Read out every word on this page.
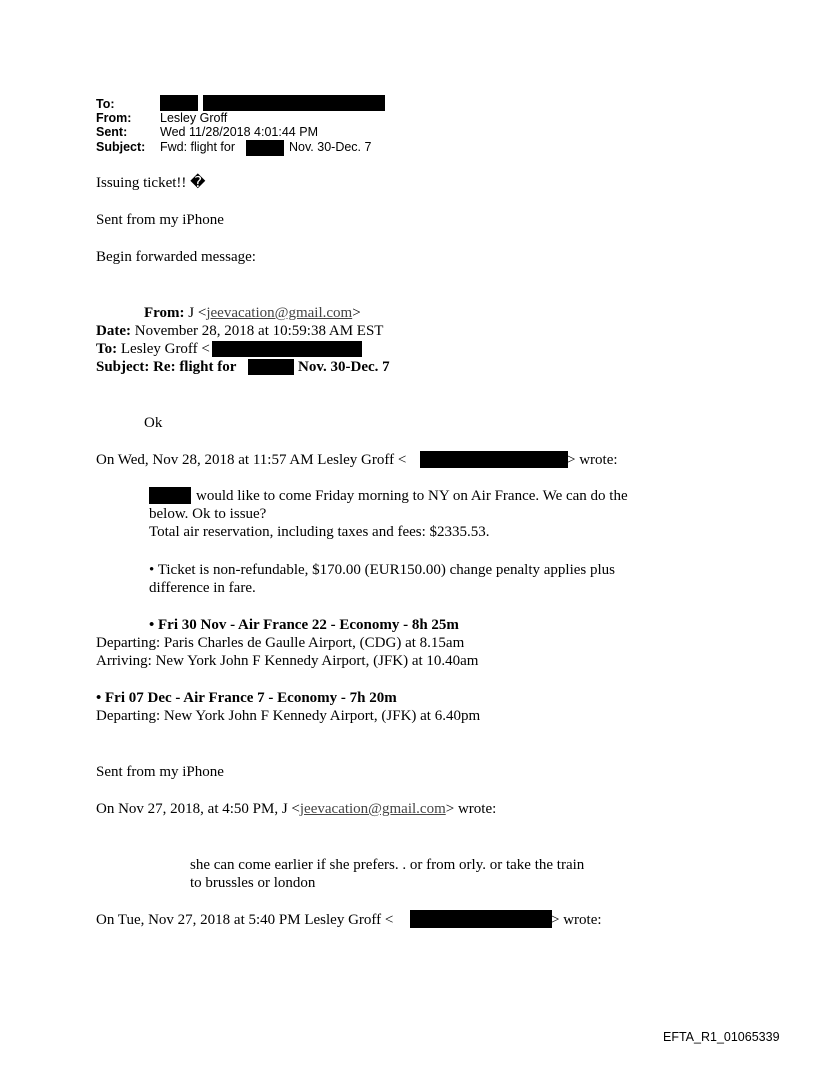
To:
From: Lesley Groff
Sent:	Wed 11/28/2018 4:01:44 PM
Subject: Fwd: flight for	Nov. 30-Dec. 7
Issuing ticket!! �
Sent from my iPhone
Begin forwarded message:
From: J <jeevacation@gmail.com>
Date: November 28, 2018 at 10:59:38 AM EST
To: Lesley Groff <
Subject: Re: flight for	Nov. 30-Dec. 7
Ok
On Wed, Nov 28, 2018 at 11:57 AM Lesley Groff <	> wrote:
would like to come Friday morning to NY on Air France. We can do the
below. Ok to issue?
Total air reservation, including taxes and fees: $2335.53.
• Ticket is non-refundable, $170.00 (EUR150.00) change penalty applies plus
difference in fare.
• Fri 30 Nov - Air France 22 - Economy - 8h 25m
Departing: Paris Charles de Gaulle Airport, (CDG) at 8.15am
Arriving: New York John F Kennedy Airport, (JFK) at 10.40am
• Fri 07 Dec - Air France 7 - Economy - 7h 20m
Departing: New York John F Kennedy Airport, (JFK) at 6.40pm
Sent from my iPhone
On Nov 27, 2018, at 4:50 PM, J <jeevacation@gmail.com> wrote:
she can come earlier if she prefers. . or from orly. or take the train
to brussles or london
On Tue, Nov 27, 2018 at 5:40 PM Lesley Groff <	> wrote:
EFTA_R1_01065339
